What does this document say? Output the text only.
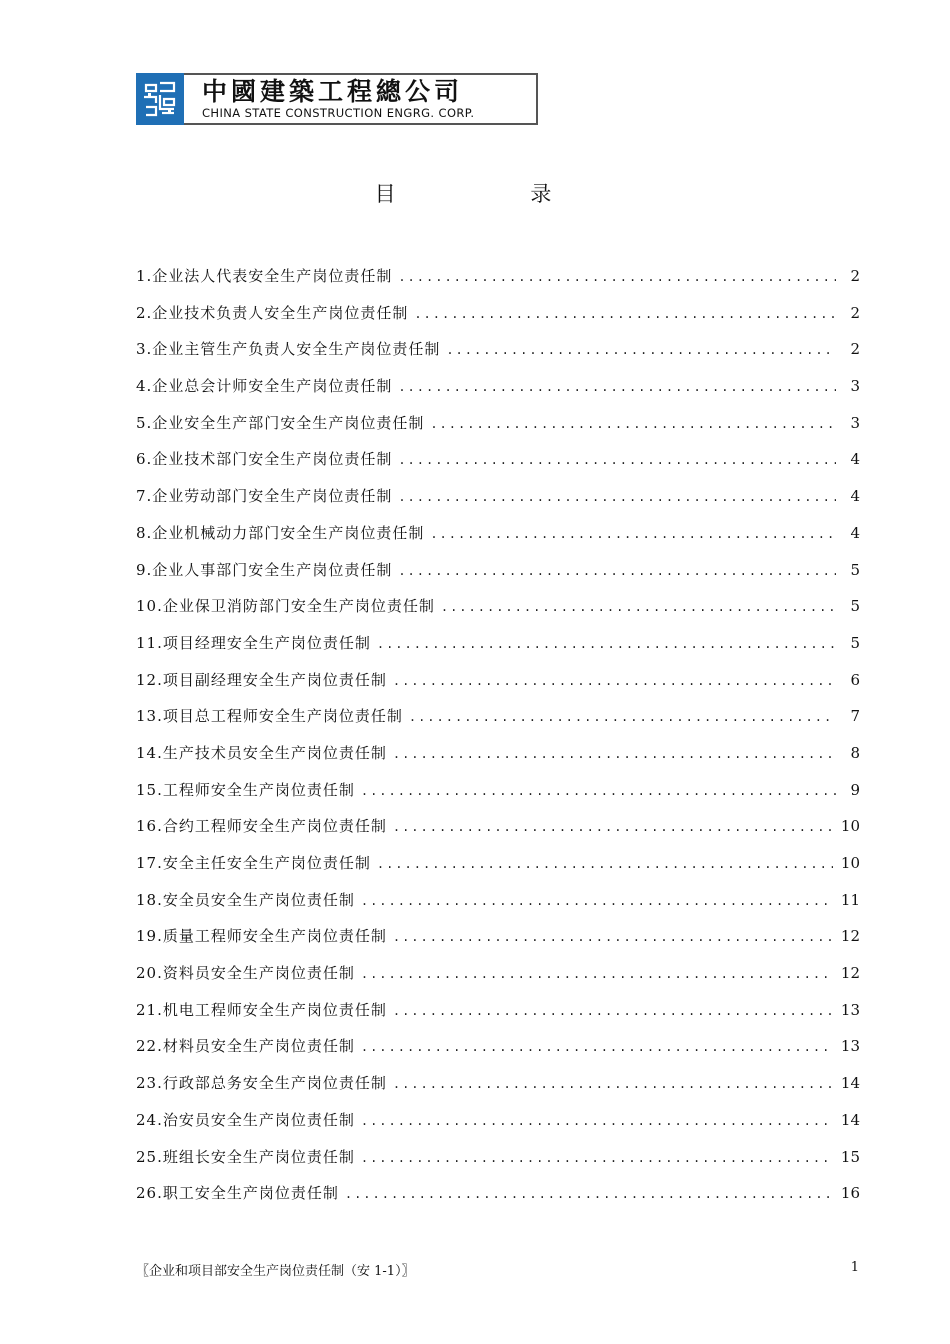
中國建築工程總公司
CHINA STATE CONSTRUCTION ENGRG. CORP.
目 录
1.企业法人代表安全生产岗位责任制 .....	2
2.企业技术负责人安全生产岗位责任制 .....	2
3.企业主管生产负责人安全生产岗位责任制 .....	2
4.企业总会计师安全生产岗位责任制 .....	3
5.企业安全生产部门安全生产岗位责任制 .....	3
6.企业技术部门安全生产岗位责任制 .....	4
7.企业劳动部门安全生产岗位责任制 .....	4
8.企业机械动力部门安全生产岗位责任制 .....	4
9.企业人事部门安全生产岗位责任制 .....	5
10.企业保卫消防部门安全生产岗位责任制 .....	5
11.项目经理安全生产岗位责任制 .....	5
12.项目副经理安全生产岗位责任制 .....	6
13.项目总工程师安全生产岗位责任制 .....	7
14.生产技术员安全生产岗位责任制 .....	8
15.工程师安全生产岗位责任制 .....	9
16.合约工程师安全生产岗位责任制 .....	10
17.安全主任安全生产岗位责任制 .....	10
18.安全员安全生产岗位责任制 .....	11
19.质量工程师安全生产岗位责任制 .....	12
20.资料员安全生产岗位责任制 .....	12
21.机电工程师安全生产岗位责任制 .....	13
22.材料员安全生产岗位责任制 .....	13
23.行政部总务安全生产岗位责任制 .....	14
24.治安员安全生产岗位责任制 .....	14
25.班组长安全生产岗位责任制 .....	15
26.职工安全生产岗位责任制 .....	16
〖企业和项目部安全生产岗位责任制（安 1-1）〗	1
